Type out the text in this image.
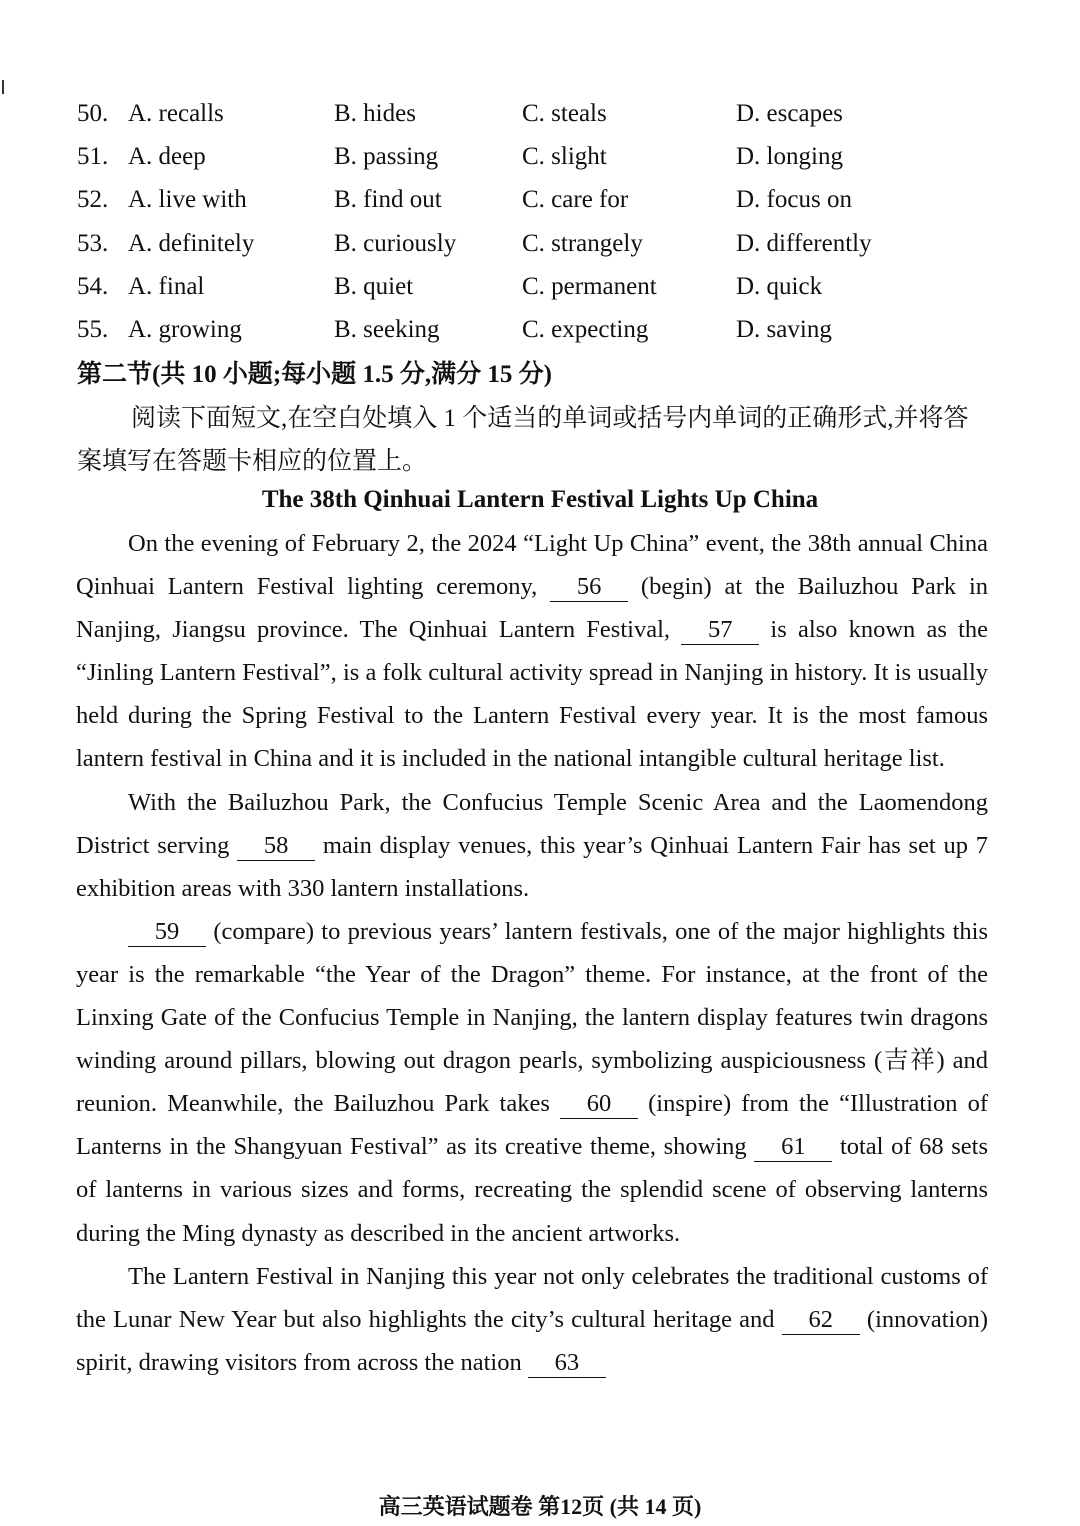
50. A. recalls	B. hides	C. steals	D. escapes
51. A. deep	B. passing	C. slight	D. longing
52. A. live with	B. find out	C. care for	D. focus on
53. A. definitely	B. curiously	C. strangely	D. differently
54. A. final	B. quiet	C. permanent	D. quick
55. A. growing	B. seeking	C. expecting	D. saving
第二节(共 10 小题;每小题 1.5 分,满分 15 分)
阅读下面短文,在空白处填入 1 个适当的单词或括号内单词的正确形式,并将答案填写在答题卡相应的位置上。
The 38th Qinhuai Lantern Festival Lights Up China

On the evening of February 2, the 2024 “Light Up China” event, the 38th annual China Qinhuai Lantern Festival lighting ceremony, 56 (begin) at the Bailuzhou Park in Nanjing, Jiangsu province. The Qinhuai Lantern Festival, 57 is also known as the “Jinling Lantern Festival”, is a folk cultural activity spread in Nanjing in history. It is usually held during the Spring Festival to the Lantern Festival every year. It is the most famous lantern festival in China and it is included in the national intangible cultural heritage list.

With the Bailuzhou Park, the Confucius Temple Scenic Area and the Laomendong District serving 58 main display venues, this year’s Qinhuai Lantern Fair has set up 7 exhibition areas with 330 lantern installations.

59 (compare) to previous years’ lantern festivals, one of the major highlights this year is the remarkable “the Year of the Dragon” theme. For instance, at the front of the Linxing Gate of the Confucius Temple in Nanjing, the lantern display features twin dragons winding around pillars, blowing out dragon pearls, symbolizing auspiciousness (吉祥) and reunion. Meanwhile, the Bailuzhou Park takes 60 (inspire) from the “Illustration of Lanterns in the Shangyuan Festival” as its creative theme, showing 61 total of 68 sets of lanterns in various sizes and forms, recreating the splendid scene of observing lanterns during the Ming dynasty as described in the ancient artworks.

The Lantern Festival in Nanjing this year not only celebrates the traditional customs of the Lunar New Year but also highlights the city’s cultural heritage and 62 (innovation) spirit, drawing visitors from across the nation 63

高三英语试题卷 第12页 (共 14 页)
